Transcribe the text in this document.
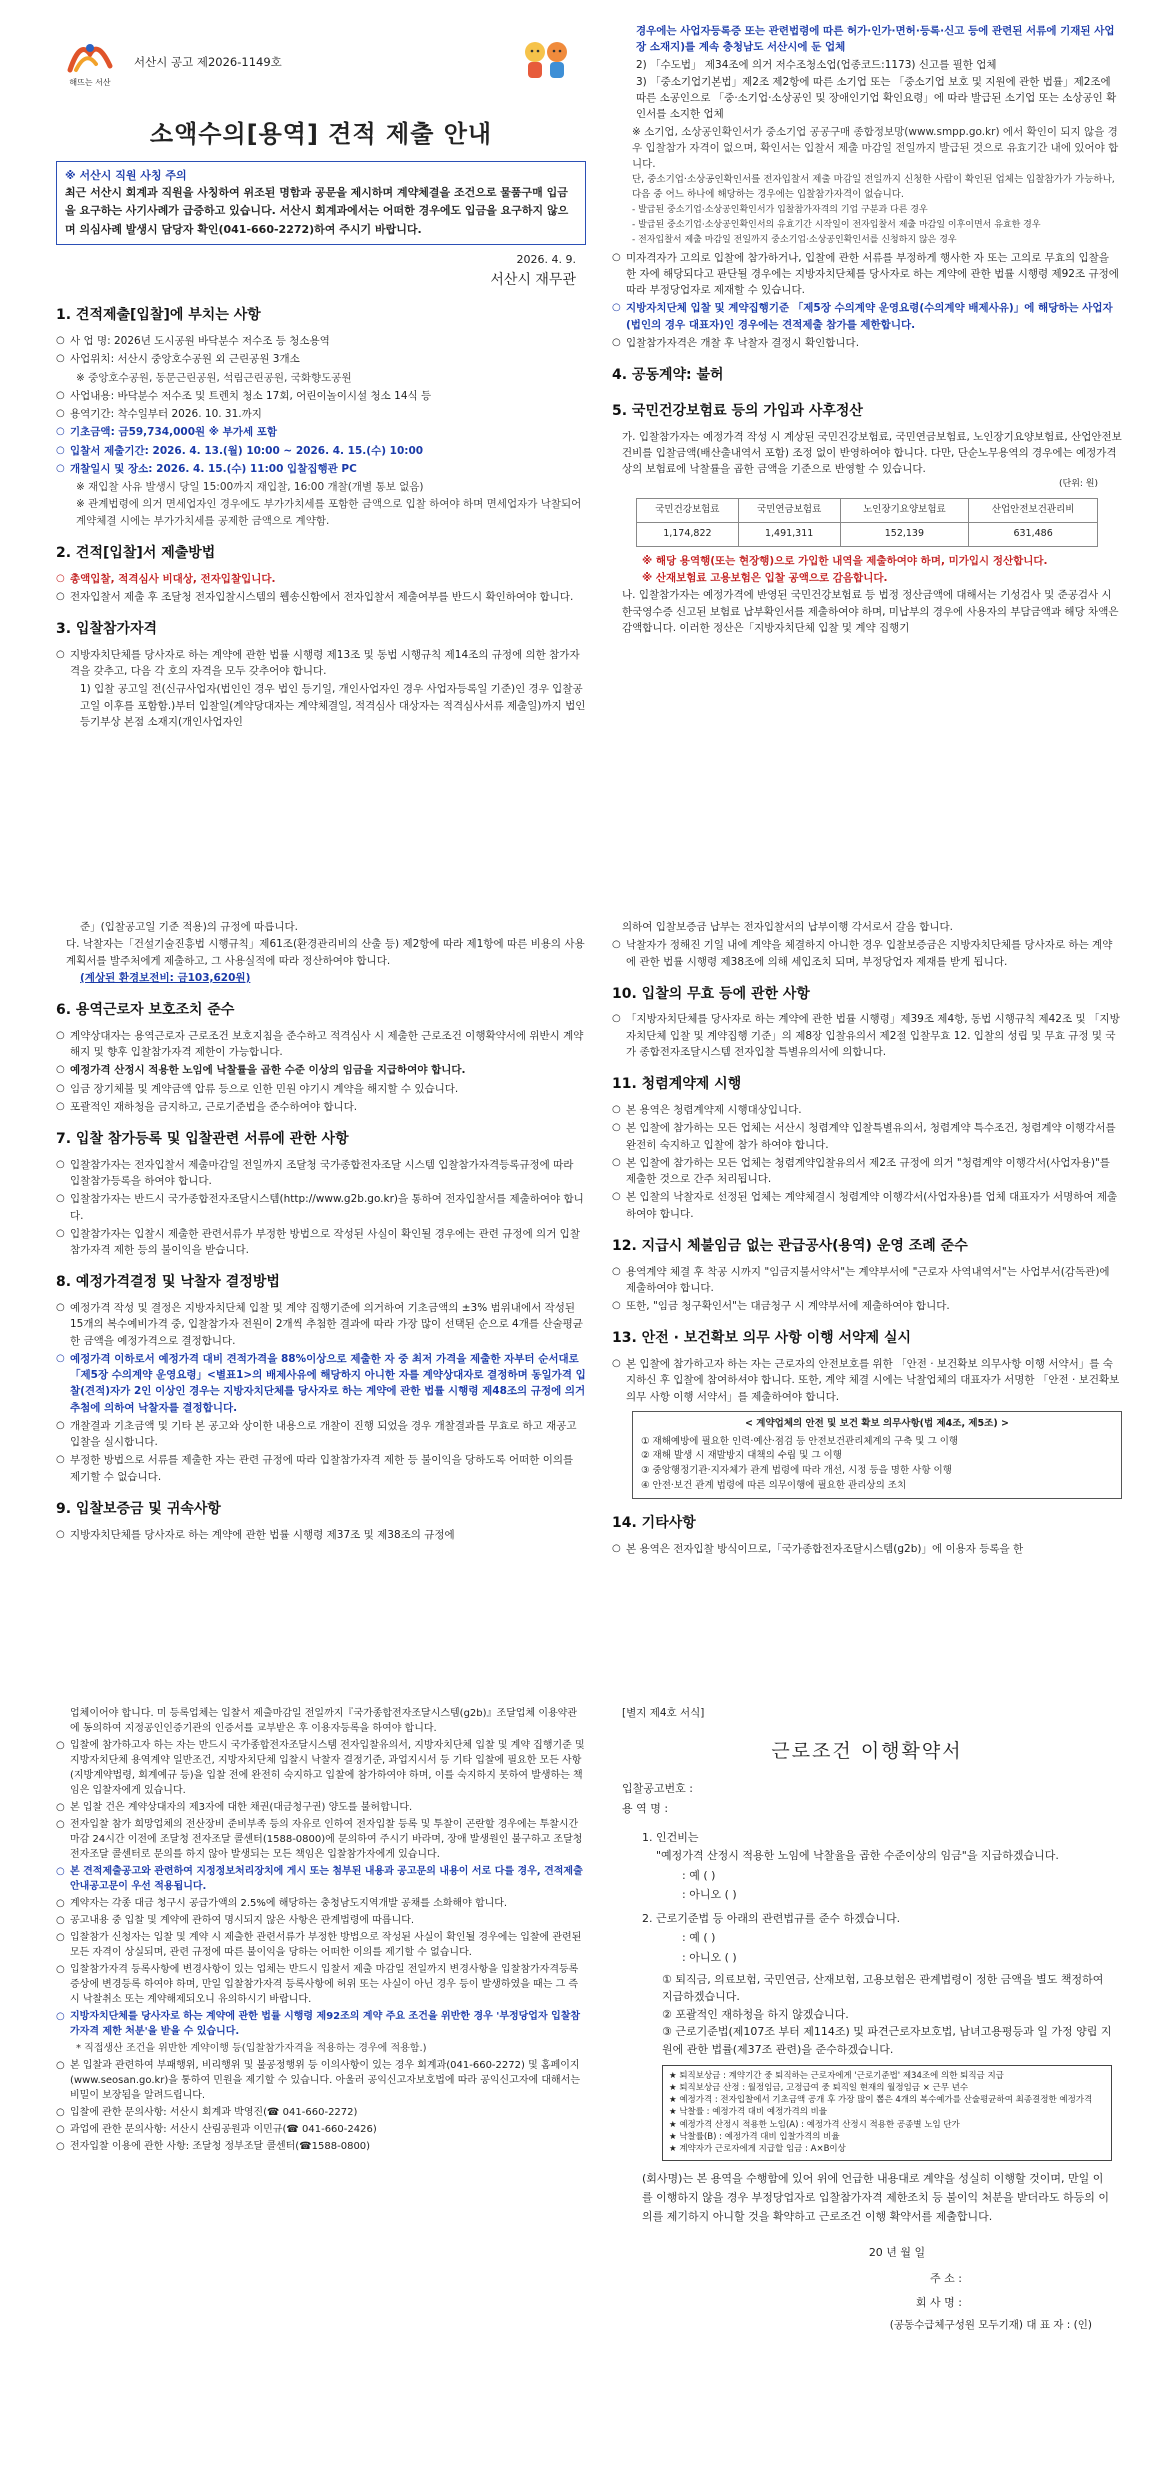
해뜨는 서산
서산시 공고 제2026-1149호
소액수의[용역] 견적 제출 안내
※ 서산시 직원 사칭 주의
최근 서산시 회계과 직원을 사칭하여 위조된 명함과 공문을 제시하며 계약체결을 조건으로 물품구매 입금을 요구하는 사기사례가 급증하고 있습니다. 서산시 회계과에서는 어떠한 경우에도 입금을 요구하지 않으며 의심사례 발생시 담당자 확인(041-660-2272)하여 주시기 바랍니다.
2026. 4. 9.
서산시 재무관
1. 견적제출[입찰]에 부치는 사항
○ 사 업 명: 2026년 도시공원 바닥분수 저수조 등 청소용역
○ 사업위치: 서산시 중앙호수공원 외 근린공원 3개소
※ 중앙호수공원, 동문근린공원, 석림근린공원, 국화향도공원
○ 사업내용: 바닥분수 저수조 및 트렌치 청소 17회, 어린이놀이시설 청소 14식 등
○ 용역기간: 착수일부터 2026. 10. 31.까지
○ 기초금액: 금59,734,000원 ※ 부가세 포함
○ 입찰서 제출기간: 2026. 4. 13.(월) 10:00 ~ 2026. 4. 15.(수) 10:00
○ 개찰일시 및 장소: 2026. 4. 15.(수) 11:00 입찰집행관 PC
※ 재입찰 사유 발생시 당일 15:00까지 재입찰, 16:00 개찰(개별 통보 없음)
※ 관계법령에 의거 면세업자인 경우에도 부가가치세를 포함한 금액으로 입찰 하여야 하며 면세업자가 낙찰되어 계약체결 시에는 부가가치세를 공제한 금액으로 계약함.
2. 견적[입찰]서 제출방법
○ 총액입찰, 적격심사 비대상, 전자입찰입니다.
○ 전자입찰서 제출 후 조달청 전자입찰시스템의 웹송신함에서 전자입찰서 제출여부를 반드시 확인하여야 합니다.
3. 입찰참가자격
○ 지방자치단체를 당사자로 하는 계약에 관한 법률 시행령 제13조 및 동법 시행규칙 제14조의 규정에 의한 참가자격을 갖추고, 다음 각 호의 자격을 모두 갖추어야 합니다.
1) 입찰 공고일 전(신규사업자(법인인 경우 법인 등기일, 개인사업자인 경우 사업자등록일 기준)인 경우 입찰공고일 이후를 포함함.)부터 입찰일(계약당대자는 계약체결일, 적격심사 대상자는 적격심사서류 제출일)까지 법인등기부상 본점 소재지(개인사업자인
경우에는 사업자등록증 또는 관련법령에 따른 허가·인가·면허·등록·신고 등에 관련된 서류에 기재된 사업장 소재지)를 계속 충청남도 서산시에 둔 업체
2) 「수도법」 제34조에 의거 저수조청소업(업종코드:1173) 신고를 필한 업체
3) 「중소기업기본법」제2조 제2항에 따른 소기업 또는 「중소기업 보호 및 지원에 관한 법률」제2조에 따른 소공인으로 「중·소기업·소상공인 및 장애인기업 확인요령」에 따라 발급된 소기업 또는 소상공인 확인서를 소지한 업체
※ 소기업, 소상공인확인서가 중소기업 공공구매 종합정보망(www.smpp.go.kr) 에서 확인이 되지 않을 경우 입찰참가 자격이 없으며, 확인서는 입찰서 제출 마감일 전일까지 발급된 것으로 유효기간 내에 있어야 합니다.
단, 중소기업·소상공인확인서를 전자입찰서 제출 마감일 전일까지 신청한 사람이 확인된 업체는 입찰참가가 가능하나, 다음 중 어느 하나에 해당하는 경우에는 입찰참가자격이 없습니다.
- 발급된 중소기업·소상공인확인서가 입찰참가자격의 기업 구분과 다른 경우
- 발급된 중소기업·소상공인확인서의 유효기간 시작일이 전자입찰서 제출 마감일 이후이면서 유효한 경우
- 전자입찰서 제출 마감일 전일까지 중소기업·소상공인확인서를 신청하지 않은 경우
○ 미자격자가 고의로 입찰에 참가하거나, 입찰에 관한 서류를 부정하게 행사한 자 또는 고의로 무효의 입찰을 한 자에 해당되다고 판단될 경우에는 지방자치단체를 당사자로 하는 계약에 관한 법률 시행령 제92조 규정에 따라 부정당업자로 제재할 수 있습니다.
○ 지방자치단체 입찰 및 계약집행기준 「제5장 수의계약 운영요령(수의계약 배제사유)」에 해당하는 사업자(법인의 경우 대표자)인 경우에는 견적제출 참가를 제한합니다.
○ 입찰참가자격은 개찰 후 낙찰자 결정시 확인합니다.
4. 공동계약: 불허
5. 국민건강보험료 등의 가입과 사후정산
가. 입찰참가자는 예정가격 작성 시 계상된 국민건강보험료, 국민연금보험료, 노인장기요양보험료, 산업안전보건비를 입찰금액(배산출내역서 포함) 조정 없이 반영하여야 합니다. 다만, 단순노무용역의 경우에는 예정가격상의 보험료에 낙찰률을 곱한 금액을 기준으로 반영할 수 있습니다.
(단위: 원)
국민건강보험료	국민연금보험료	노인장기요양보험료	산업안전보건관리비
1,174,822	1,491,311	152,139	631,486
※ 해당 용역행(또는 현장행)으로 가입한 내역을 제출하여야 하며, 미가입시 정산합니다.
※ 산재보험료 고용보험은 입찰 공액으로 감음합니다.
나. 입찰참가자는 예정가격에 반영된 국민건강보험료 등 법정 정산금액에 대해서는 기성검사 및 준공검사 시 한국영수증 신고된 보험료 납부확인서를 제출하여야 하며, 미납부의 경우에 사용자의 부담금액과 해당 차액은 감액합니다. 이러한 정산은「지방자치단체 입찰 및 계약 집행기
준」(입찰공고일 기준 적용)의 규정에 따릅니다.
다. 낙찰자는「건설기술진흥법 시행규칙」제61조(환경관리비의 산출 등) 제2항에 따라 제1항에 따른 비용의 사용계획서를 발주처에게 제출하고, 그 사용실적에 따라 정산하여야 합니다.
(계상된 환경보전비: 금103,620원)
6. 용역근로자 보호조치 준수
○ 계약상대자는 용역근로자 근로조건 보호지침을 준수하고 적격심사 시 제출한 근로조건 이행확약서에 위반시 계약해지 및 향후 입찰참가자격 제한이 가능합니다.
○ 예정가격 산정시 적용한 노임에 낙찰률을 곱한 수준 이상의 임금을 지급하여야 합니다.
○ 임금 장기체불 및 계약금액 압류 등으로 인한 민원 야기시 계약을 해지할 수 있습니다.
○ 포괄적인 재하청을 금지하고, 근로기준법을 준수하여야 합니다.
7. 입찰 참가등록 및 입찰관련 서류에 관한 사항
○ 입찰참가자는 전자입찰서 제출마감일 전일까지 조달청 국가종합전자조달 시스템 입찰참가자격등록규정에 따라 입찰참가등록을 하여야 합니다.
○ 입찰참가자는 반드시 국가종합전자조달시스템(http://www.g2b.go.kr)을 통하여 전자입찰서를 제출하여야 합니다.
○ 입찰참가자는 입찰시 제출한 관련서류가 부정한 방법으로 작성된 사실이 확인될 경우에는 관련 규정에 의거 입찰참가자격 제한 등의 불이익을 받습니다.
8. 예정가격결정 및 낙찰자 결정방법
○ 예정가격 작성 및 결정은 지방자치단체 입찰 및 계약 집행기준에 의거하여 기초금액의 ±3% 범위내에서 작성된 15개의 복수예비가격 중, 입찰참가자 전원이 2개씩 추첨한 결과에 따라 가장 많이 선택된 순으로 4개를 산술평균한 금액을 예정가격으로 결정합니다.
○ 예정가격 이하로서 예정가격 대비 견적가격을 88%이상으로 제출한 자 중 최저 가격을 제출한 자부터 순서대로 「제5장 수의계약 운영요령」<별표1>의 배제사유에 해당하지 아니한 자를 계약상대자로 결정하며 동일가격 입찰(견적)자가 2인 이상인 경우는 지방자치단체를 당사자로 하는 계약에 관한 법률 시행령 제48조의 규정에 의거 추첨에 의하여 낙찰자를 결정합니다.
○ 개찰결과 기초금액 및 기타 본 공고와 상이한 내용으로 개찰이 진행 되었을 경우 개찰결과를 무효로 하고 재공고 입찰을 실시합니다.
○ 부정한 방법으로 서류를 제출한 자는 관련 규정에 따라 입찰참가자격 제한 등 불이익을 당하도록 어떠한 이의를 제기할 수 없습니다.
9. 입찰보증금 및 귀속사항
○ 지방자치단체를 당사자로 하는 계약에 관한 법률 시행령 제37조 및 제38조의 규정에
의하여 입찰보증금 납부는 전자입찰서의 납부이행 각서로서 갈음 합니다.
○ 낙찰자가 정해진 기일 내에 계약을 체결하지 아니한 경우 입찰보증금은 지방자치단체를 당사자로 하는 계약에 관한 법률 시행령 제38조에 의해 세입조치 되며, 부정당업자 제재를 받게 됩니다.
10. 입찰의 무효 등에 관한 사항
○ 「지방자치단체를 당사자로 하는 계약에 관한 법률 시행령」제39조 제4항, 동법 시행규칙 제42조 및 「지방자치단체 입찰 및 계약집행 기준」의 제8장 입찰유의서 제2절 입찰무효 12. 입찰의 성립 및 무효 규정 및 국가 종합전자조달시스템 전자입찰 특별유의서에 의합니다.
11. 청렴계약제 시행
○ 본 용역은 청렴계약제 시행대상입니다.
○ 본 입찰에 참가하는 모든 업체는 서산시 청렴계약 입찰특별유의서, 청렴계약 특수조건, 청렴계약 이행각서를 완전히 숙지하고 입찰에 참가 하여야 합니다.
○ 본 입찰에 참가하는 모든 업체는 청렴계약입찰유의서 제2조 규정에 의거 "청렴계약 이행각서(사업자용)"를 제출한 것으로 간주 처리됩니다.
○ 본 입찰의 낙찰자로 선정된 업체는 계약체결시 청렴계약 이행각서(사업자용)를 업체 대표자가 서명하여 제출하여야 합니다.
12. 지급시 체불임금 없는 관급공사(용역) 운영 조례 준수
○ 용역계약 체결 후 착공 시까지 "임금지불서약서"는 계약부서에 "근로자 사역내역서"는 사업부서(감독관)에 제출하여야 합니다.
○ 또한, "임금 청구확인서"는 대금청구 시 계약부서에 제출하여야 합니다.
13. 안전 · 보건확보 의무 사항 이행 서약제 실시
○ 본 입찰에 참가하고자 하는 자는 근로자의 안전보호를 위한 「안전 · 보건확보 의무사항 이행 서약서」를 숙지하신 후 입찰에 참여하셔야 합니다. 또한, 계약 체결 시에는 낙찰업체의 대표자가 서명한 「안전 · 보건확보 의무 사항 이행 서약서」를 제출하여야 합니다.
< 계약업체의 안전 및 보건 확보 의무사항(법 제4조, 제5조) >
① 재해예방에 필요한 인력·예산·점검 등 안전보건관리체계의 구축 및 그 이행
② 재해 발생 시 재발방지 대책의 수립 및 그 이행
③ 중앙행정기관·지자체가 관계 법령에 따라 개선, 시정 등을 명한 사항 이행
④ 안전·보건 관계 법령에 따른 의무이행에 필요한 관리상의 조치
14. 기타사항
○ 본 용역은 전자입찰 방식이므로,「국가종합전자조달시스템(g2b)」에 이용자 등록을 한
업체이어야 합니다. 미 등록업체는 입찰서 제출마감일 전일까지『국가종합전자조달시스템(g2b)』조달업체 이용약관에 동의하여 지정공인인증기관의 인증서를 교부받은 후 이용자등록을 하여야 합니다.
○ 입찰에 참가하고자 하는 자는 반드시 국가종합전자조달시스템 전자입찰유의서, 지방자치단체 입찰 및 계약 집행기준 및 지방자치단체 용역계약 일반조건, 지방자치단체 입찰시 낙찰자 결정기준, 과업지시서 등 기타 입찰에 필요한 모든 사항(지방계약법령, 회계예규 등)을 입찰 전에 완전히 숙지하고 입찰에 참가하여야 하며, 이를 숙지하지 못하여 발생하는 책임은 입찰자에게 있습니다.
○ 본 입찰 건은 계약상대자의 제3자에 대한 채권(대금청구권) 양도를 불허합니다.
○ 전자입찰 참가 희망업체의 전산장비 준비부족 등의 자유로 인하여 전자입찰 등록 및 투찰이 곤란할 경우에는 투찰시간 마감 24시간 이전에 조달청 전자조달 콜센터(1588-0800)에 문의하여 주시기 바라며, 장애 발생원인 불구하고 조달청 전자조달 콜센터로 문의를 하지 않아 발생되는 모든 책임은 입찰참가자에게 있습니다.
○ 본 견적제출공고와 관련하여 지정정보처리장치에 게시 또는 첨부된 내용과 공고문의 내용이 서로 다를 경우, 견적제출안내공고문이 우선 적용됩니다.
○ 계약자는 각종 대금 청구시 공급가액의 2.5%에 해당하는 충청남도지역개발 공채를 소화해야 합니다.
○ 공고내용 중 입찰 및 계약에 관하여 명시되지 않은 사항은 관계법령에 따릅니다.
○ 입찰참가 신청자는 입찰 및 계약 시 제출한 관련서류가 부정한 방법으로 작성된 사실이 확인될 경우에는 입찰에 관련된 모든 자격이 상실되며, 관련 규정에 따른 불이익을 당하는 어떠한 이의를 제기할 수 없습니다.
○ 입찰참가자격 등록사항에 변경사항이 있는 업체는 반드시 입찰서 제출 마감일 전일까지 변경사항을 입찰참가자격등록증상에 변경등록 하여야 하며, 만일 입찰참가자격 등록사항에 허위 또는 사실이 아닌 경우 등이 발생하였을 때는 그 즉시 낙찰취소 또는 계약해제되오니 유의하시기 바랍니다.
○ 지방자치단체를 당사자로 하는 계약에 관한 법률 시행령 제92조의 계약 주요 조건을 위반한 경우 '부정당업자 입찰참가자격 제한 처분'을 받을 수 있습니다.
* 직접생산 조건을 위반한 계약이행 등(입찰참가자격을 적용하는 경우에 적용함.)
○ 본 입찰과 관련하여 부패행위, 비리행위 및 불공정행위 등 이의사항이 있는 경우 회계과(041-660-2272) 및 홈페이지(www.seosan.go.kr)을 통하여 민원을 제기할 수 있습니다. 아울러 공익신고자보호법에 따라 공익신고자에 대해서는 비밀이 보장됨을 알려드립니다.
○ 입찰에 관한 문의사항: 서산시 회계과 박영진(☎ 041-660-2272)
○ 과업에 관한 문의사항: 서산시 산림공원과 이민규(☎ 041-660-2426)
○ 전자입찰 이용에 관한 사항: 조달청 정부조달 콜센터(☎1588-0800)
[별지 제4호 서식]
근로조건 이행확약서
입찰공고번호 :
용 역 명 :
1. 인건비는
"예정가격 산정시 적용한 노임에 낙찰율을 곱한 수준이상의 임금"을 지급하겠습니다.
: 예 ( )
: 아니오 ( )
2. 근로기준법 등 아래의 관련법규를 준수 하겠습니다.
: 예 ( )
: 아니오 ( )
① 퇴직금, 의료보험, 국민연금, 산재보험, 고용보험은 관계법령이 정한 금액을 별도 책정하여 지급하겠습니다.
② 포괄적인 재하청을 하지 않겠습니다.
③ 근로기준법(제107조 부터 제114조) 및 파견근로자보호법, 남녀고용평등과 일 가정 양립 지원에 관한 법률(제37조 관련)을 준수하겠습니다.
★ 퇴직보상금 : 계약기간 중 퇴직하는 근로자에게 '근로기준법' 제34조에 의한 퇴직금 지급
★ 퇴직보상금 산정 : 월정임금, 고정급여 중 퇴직일 현재의 월정임금 × 근무 년수
★ 예정가격 : 전자입찰에서 기초금액 공개 후 가장 많이 뽑은 4개의 복수예가를 산술평균하여 최종결정한 예정가격
★ 낙찰률 : 예정가격 대비 예정가격의 비율
★ 예정가격 산정시 적용한 노임(A) : 예정가격 산정시 적용한 공종별 노임 단가
★ 낙찰률(B) : 예정가격 대비 입찰가격의 비율
★ 계약자가 근로자에게 지급할 임금 : A×B이상
(회사명)는 본 용역을 수행함에 있어 위에 언급한 내용대로 계약을 성실히 이행할 것이며, 만일 이를 이행하지 않을 경우 부정당업자로 입찰참가자격 제한조치 등 불이익 처분을 받더라도 하등의 이의를 제기하지 아니할 것을 확약하고 근로조건 이행 확약서를 제출합니다.
20 년 월 일
주 소 :
회 사 명 :
(공동수급체구성원 모두기재) 대 표 자 : (인)
